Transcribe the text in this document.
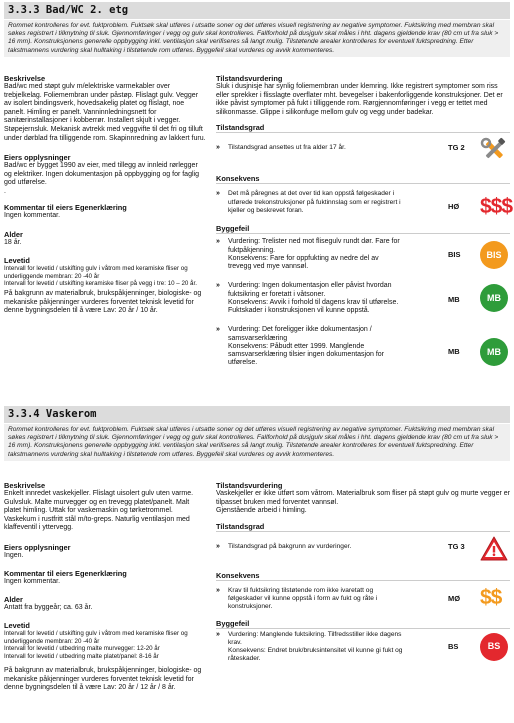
3.3.3 Bad/WC 2. etg
Rommet kontrolleres for evt. fuktproblem. Fuktsøk skal utføres i utsatte soner og det utføres visuell registrering av negative symptomer. Fuktsikring med membran skal søkes registrert i tilknytning til sluk. Gjennomføringer i vegg og gulv skal kontrolleres. Fallforhold på dusjgulv skal måles i hht. dagens gjeldende krav (80 cm ut fra sluk > 16 mm). Konstruksjonens generelle oppbygging inkl. ventilasjon skal verifiseres så langt mulig. Tilstøtende arealer kontrolleres for eventuell fuktspredning. Etter takstmannens vurdering skal hulltaking i tilstøtende rom utføres. Byggefeil skal vurderes og avvik kommenteres.
Beskrivelse
Bad/wc med støpt gulv m/elektriske varmekabler over trebjelkelag. Foliemembran under påstøp. Flislagt gulv. Vegger av isolert bindingsverk, hovedsakelig platet og flislagt, noe panelt. Himling er panelt. Vanninnledningsnett for sanitærinstallasjoner i kobberrør. Installert skjult i vegger. Støpejernsluk. Mekanisk avtrekk med veggvifte til det fri og tilluft under dørblad fra tilliggende rom. Skapinnredning av lakkert furu.
Eiers opplysninger
Bad/wc er bygget 1990 av eier, med tillegg av innleid rørlegger og elektriker. Ingen dokumentasjon på oppbygging og for faglig god utførelse.
.
Kommentar til eiers Egenerklæring
Ingen kommentar.
Alder
18 år.
Levetid
Intervall for levetid / utskifting gulv i våtrom med keramiske fliser og underliggende membran: 20 -40 år
Intervall for levetid / utskifting keramiske fliser på vegg i tre: 10 – 20 år.
På bakgrunn av materialbruk, brukspåkjenninger, biologiske- og mekaniske påkjenninger vurderes forventet teknisk levetid for denne bygningsdelen til å være Lav: 20 år / 10 år.
Tilstandsvurdering
Sluk i dusjnisje har synlig foliemembran under klemring. Ikke registrert symptomer som riss eller sprekker i flisslagte overflater mht. bevegelser i bakenforliggende konstruksjoner. Det er ikke påvist symptomer på fukt i tilliggende rom. Rørgjennomføringer i vegg er tettet med silikonmasse. Glippe i silikonfuge mellom gulv og vegg under badekar.
Tilstandsgrad
»	Tilstandsgrad ansettes ut fra alder 17 år.	TG 2
Konsekvens
»	Det må påregnes at det over tid kan oppstå følgeskader i utførede trekonstruksjoner på fuktinnslag som er registrert i kjeller og beskrevet foran.	HØ $$$
Byggefeil
»	Vurdering: Trelister ned mot flisegulv rundt dør. Fare for fuktpåkjenning.
Konsekvens: Fare for oppfukting av nedre del av trevegg ved mye vannsøl.
BIS	BIS
»	Vurdering: Ingen dokumentasjon eller påvist hvordan fuktsikring er foretatt i våtsoner.
Konsekvens: Avvik i forhold til dagens krav til utførelse. Fuktskader i konstruksjonen vil kunne oppstå.
MB	MB
»	Vurdering: Det foreligger ikke dokumentasjon / samsvarserklæring
Konsekvens: Påbudt etter 1999. Manglende samsvarserklæring tilsier ingen dokumentasjon for utførelse.
MB	MB
3.3.4 Vaskerom
Rommet kontrolleres for evt. fuktproblem. Fuktsøk skal utføres i utsatte soner og det utføres visuell registrering av negative symptomer. Fuktsikring med membran skal søkes registrert i tilknytning til sluk. Gjennomføringer i vegg og gulv skal kontrolleres. Fallforhold på dusjgulv skal måles i hht. dagens gjeldende krav (80 cm ut fra sluk > 16 mm). Konstruksjonens generelle oppbygging inkl. ventilasjon skal verifiseres så langt mulig. Tilstøtende arealer kontrolleres for eventuell fuktspredning. Etter takstmannens vurdering skal hulltaking i tilstøtende rom utføres. Byggefeil skal vurderes og avvik kommenteres.
Beskrivelse
Enkelt innredet vaskekjeller. Flislagt uisolert gulv uten varme. Gulvsluk. Malte murvegger og en trevegg platet/panelt. Malt platet himling. Uttak for vaskemaskin og tørketrommel. Vaskekum i rustfritt stål m/to-greps. Naturlig ventilasjon med klaffeventil i yttervegg.
Eiers opplysninger
Ingen.
Kommentar til eiers Egenerklæring
Ingen kommentar.
Alder
Antatt fra byggeår; ca. 63 år.
Levetid
Intervall for levetid / utskifting gulv i våtrom med keramiske fliser og underliggende membran: 20 -40 år
Intervall for levetid / utbedring malte murvegger: 12-20 år
Intervall for levetid / utbedring malte platet/panel: 8-16 år
På bakgrunn av materialbruk, brukspåkjenninger, biologiske- og mekaniske påkjenninger vurderes forventet teknisk levetid for denne bygningsdelen til å være Lav: 20 år / 12 år / 8 år.
Tilstandsvurdering
Vaskekjeller er ikke utført som våtrom. Materialbruk som fliser på støpt gulv og murte vegger er tilpasset bruken med forventet vannsøl.
Gjenstående arbeid i himling.
Tilstandsgrad
»	Tilstandsgrad på bakgrunn av vurderinger.	TG 3
Konsekvens
»	Krav til fuktsikring tilstøtende rom ikke ivaretatt og følgeskader vil kunne oppstå i form av fukt og råte i konstruksjoner.
MØ $$
Byggefeil
»	Vurdering: Manglende fuktsikring. Tilfredsstiller ikke dagens krav.
Konsekvens: Endret bruk/bruksintensitet vil kunne gi fukt og råteskader.
BS	BS
